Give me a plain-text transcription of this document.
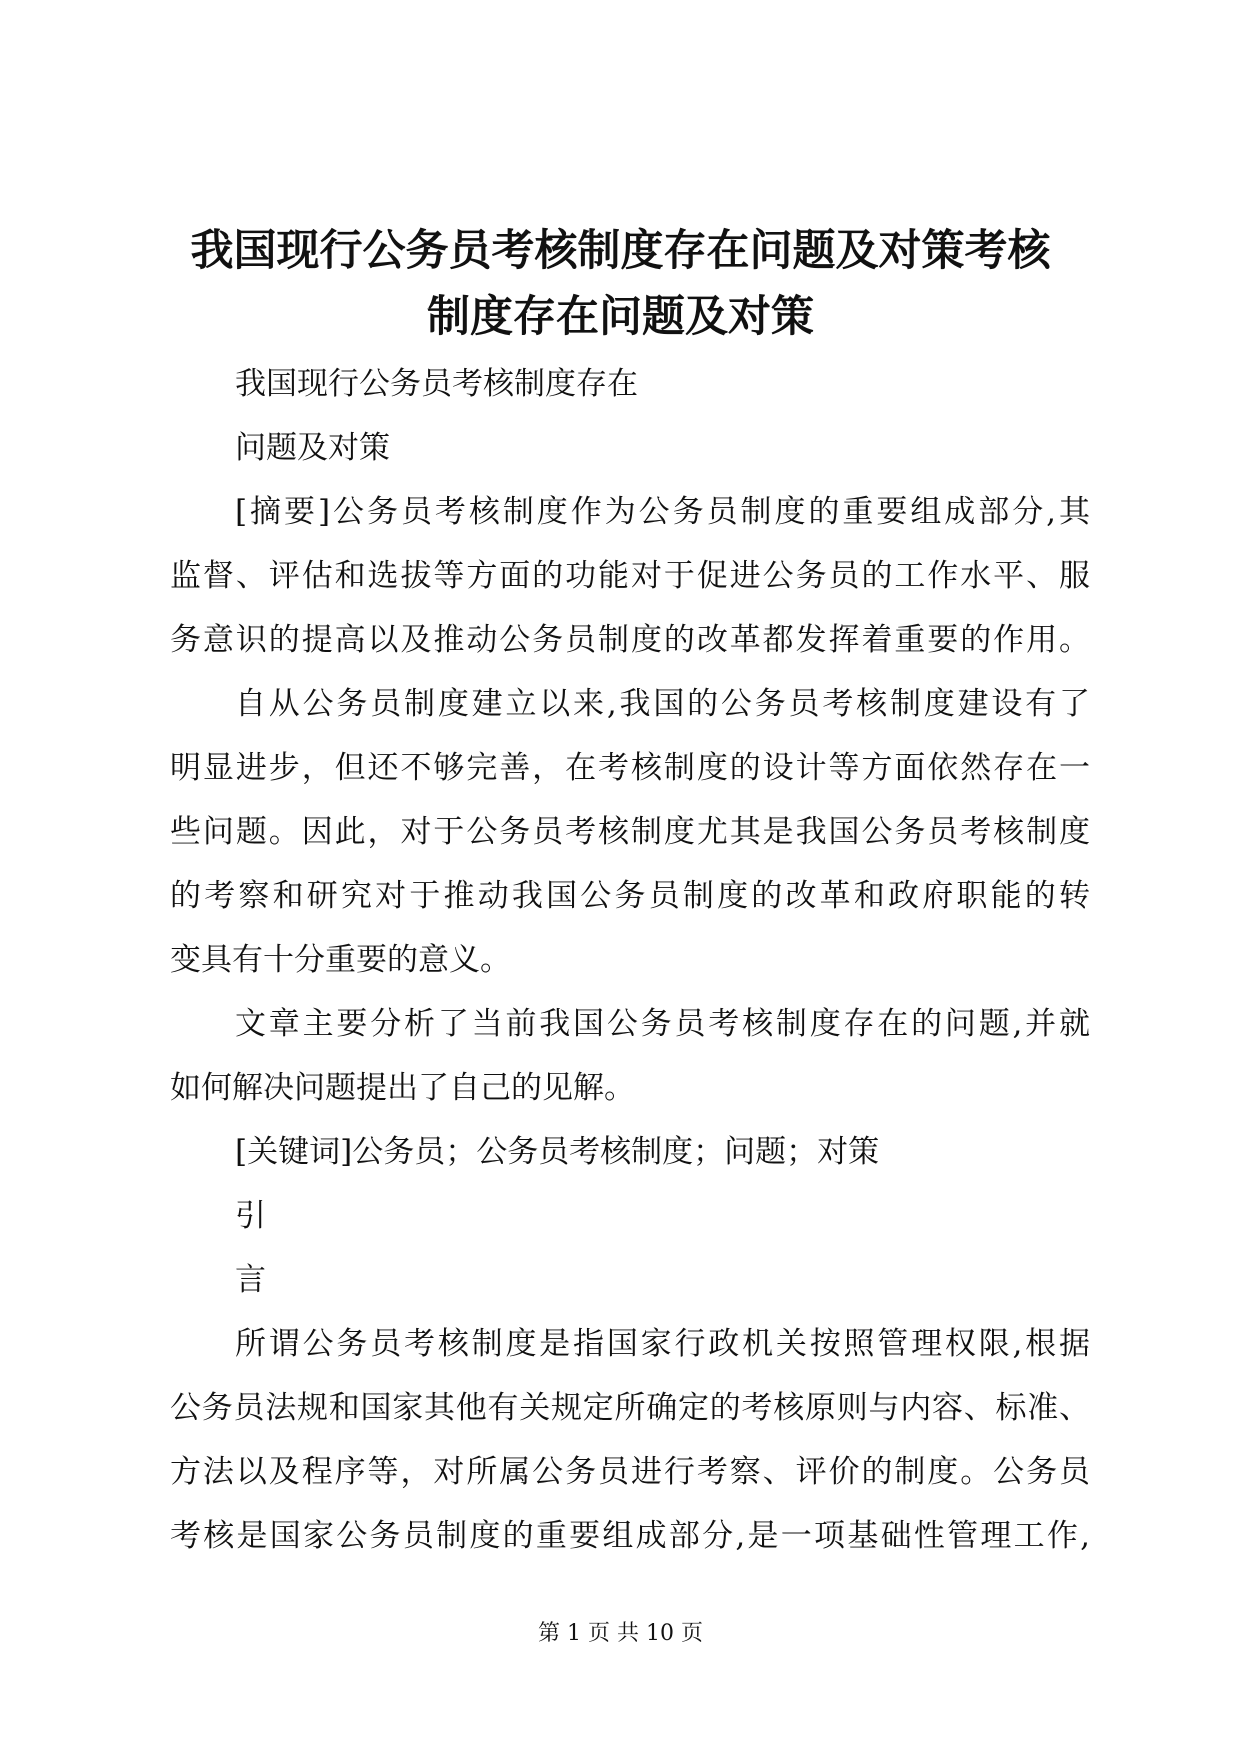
我国现行公务员考核制度存在问题及对策考核
制度存在问题及对策
我国现行公务员考核制度存在
问题及对策
[摘要]公务员考核制度作为公务员制度的重要组成部分,其
监督、评估和选拔等方面的功能对于促进公务员的工作水平、服
务意识的提高以及推动公务员制度的改革都发挥着重要的作用。
自从公务员制度建立以来,我国的公务员考核制度建设有了
明显进步，但还不够完善，在考核制度的设计等方面依然存在一
些问题。因此，对于公务员考核制度尤其是我国公务员考核制度
的考察和研究对于推动我国公务员制度的改革和政府职能的转
变具有十分重要的意义。
文章主要分析了当前我国公务员考核制度存在的问题,并就
如何解决问题提出了自己的见解。
[关键词]公务员；公务员考核制度；问题；对策
引
言
所谓公务员考核制度是指国家行政机关按照管理权限,根据
公务员法规和国家其他有关规定所确定的考核原则与内容、标准、
方法以及程序等，对所属公务员进行考察、评价的制度。公务员
考核是国家公务员制度的重要组成部分,是一项基础性管理工作,
第 1 页 共 10 页
